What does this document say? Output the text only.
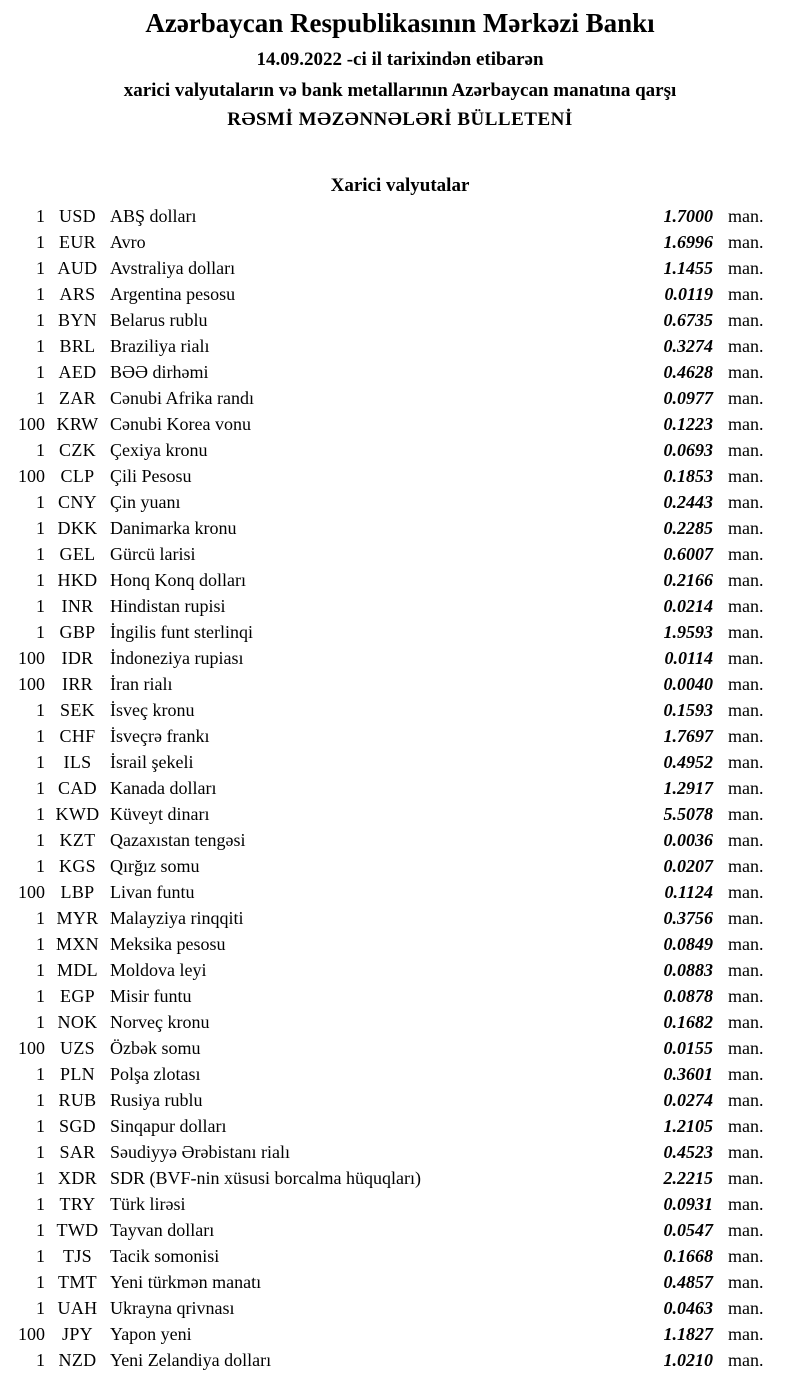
Azərbaycan Respublikasının Mərkəzi Bankı
14.09.2022 -ci il tarixindən etibarən
xarici valyutaların və bank metallarının Azərbaycan manatına qarşı
RƏSMİ MƏZƏNNƏLƏRİ BÜLLETENİ
Xarici valyutalar
1 USD ABŞ dolları	1.7000 man.
1 EUR Avro	1.6996 man.
1 AUD Avstraliya dolları	1.1455 man.
1 ARS Argentina pesosu	0.0119 man.
1 BYN Belarus rublu	0.6735 man.
1 BRL Braziliya rialı	0.3274 man.
1 AED BƏƏ dirhəmi	0.4628 man.
1 ZAR Cənubi Afrika randı	0.0977 man.
100 KRW Cənubi Korea vonu	0.1223 man.
1 CZK Çexiya kronu	0.0693 man.
100 CLP Çili Pesosu	0.1853 man.
1 CNY Çin yuanı	0.2443 man.
1 DKK Danimarka kronu	0.2285 man.
1 GEL Gürcü larisi	0.6007 man.
1 HKD Honq Konq dolları	0.2166 man.
1 INR Hindistan rupisi	0.0214 man.
1 GBP İngilis funt sterlinqi	1.9593 man.
100 IDR İndoneziya rupiası	0.0114 man.
100 IRR İran rialı	0.0040 man.
1 SEK İsveç kronu	0.1593 man.
1 CHF İsveçrə frankı	1.7697 man.
1	ILS	İsrail şekeli	0.4952 man.
1 CAD Kanada dolları	1.2917 man.
1 KWD Küveyt dinarı	5.5078 man.
1 KZT Qazaxıstan tengəsi	0.0036 man.
1 KGS Qırğız somu	0.0207 man.
100 LBP Livan funtu	0.1124 man.
1 MYR Malayziya rinqqiti	0.3756 man.
1 MXN Meksika pesosu	0.0849 man.
1 MDL Moldova leyi	0.0883 man.
1 EGP Misir funtu	0.0878 man.
1 NOK Norveç kronu	0.1682 man.
100 UZS Özbək somu	0.0155 man.
1 PLN Polşa zlotası	0.3601 man.
1 RUB Rusiya rublu	0.0274 man.
1 SGD Sinqapur dolları	1.2105 man.
1 SAR Səudiyyə Ərəbistanı rialı	0.4523 man.
1 XDR SDR (BVF-nin xüsusi borcalma hüquqları)	2.2215 man.
1 TRY Türk lirəsi	0.0931 man.
1 TWD Tayvan dolları	0.0547 man.
1	TJS	Tacik somonisi	0.1668 man.
1 TMT Yeni türkmən manatı	0.4857 man.
1 UAH Ukrayna qrivnası	0.0463 man.
100 JPY Yapon yeni	1.1827 man.
1 NZD Yeni Zelandiya dolları	1.0210 man.
